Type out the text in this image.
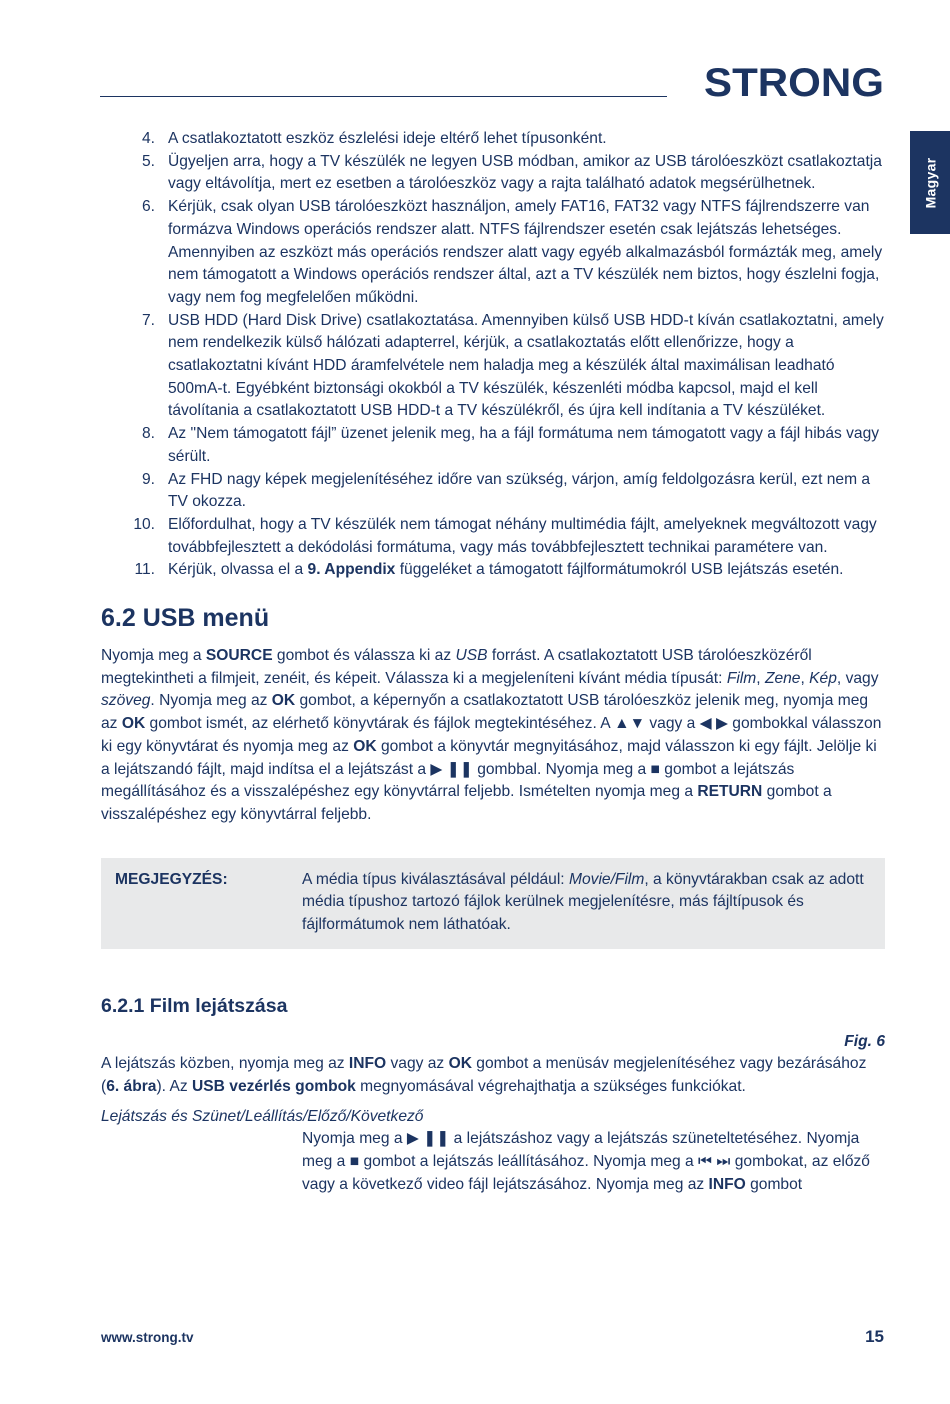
STRONG
Magyar
4. A csatlakoztatott eszköz észlelési ideje eltérő lehet típusonként.
5. Ügyeljen arra, hogy a TV készülék ne legyen USB módban, amikor az USB tárolóeszközt csatlakoztatja vagy eltávolítja, mert ez esetben a tárolóeszköz vagy a rajta található adatok megsérülhetnek.
6. Kérjük, csak olyan USB tárolóeszközt használjon, amely FAT16, FAT32 vagy NTFS fájlrendszerre van formázva Windows operációs rendszer alatt. NTFS fájlrendszer esetén csak lejátszás lehetséges. Amennyiben az eszközt más operációs rendszer alatt vagy egyéb alkalmazásból formázták meg, amely nem támogatott a Windows operációs rendszer által, azt a TV készülék nem biztos, hogy észlelni fogja, vagy nem fog megfelelően működni.
7. USB HDD (Hard Disk Drive) csatlakoztatása. Amennyiben külső USB HDD-t kíván csatlakoztatni, amely nem rendelkezik külső hálózati adapterrel, kérjük, a csatlakoztatás előtt ellenőrizze, hogy a csatlakoztatni kívánt HDD áramfelvétele nem haladja meg a készülék által maximálisan leadható 500mA-t. Egyébként biztonsági okokból a TV készülék, készenléti módba kapcsol, majd el kell távolítania a csatlakoztatott USB HDD-t a TV készülékről, és újra kell indítania a TV készüléket.
8. Az "Nem támogatott fájl” üzenet jelenik meg, ha a fájl formátuma nem támogatott vagy a fájl hibás vagy sérült.
9. Az FHD nagy képek megjelenítéséhez időre van szükség, várjon, amíg feldolgozásra kerül, ezt nem a TV okozza.
10. Előfordulhat, hogy a TV készülék nem támogat néhány multimédia fájlt, amelyeknek megváltozott vagy továbbfejlesztett a dekódolási formátuma, vagy más továbbfejlesztett technikai paramétere van.
11. Kérjük, olvassa el a 9. Appendix függeléket a támogatott fájlformátumokról USB lejátszás esetén.
6.2 USB menü

Nyomja meg a SOURCE gombot és válassza ki az USB forrást. A csatlakoztatott USB tárolóeszközéről megtekintheti a filmjeit, zenéit, és képeit. Válassza ki a megjeleníteni kívánt média típusát: Film, Zene, Kép, vagy szöveg. Nyomja meg az OK gombot, a képernyőn a csatlakoztatott USB tárolóeszköz jelenik meg, nyomja meg az OK gombot ismét, az elérhető könyvtárak és fájlok megtekintéséhez. A ▲▼ vagy a ◀ ▶ gombokkal válasszon ki egy könyvtárat és nyomja meg az OK gombot a könyvtár megnyitásához, majd válasszon ki egy fájlt. Jelölje ki a lejátszandó fájlt, majd indítsa el a lejátszást a ▶ ❚❚ gombbal. Nyomja meg a ■ gombot a lejátszás megállításához és a visszalépéshez egy könyvtárral feljebb. Ismételten nyomja meg a RETURN gombot a visszalépéshez egy könyvtárral feljebb.

MEGJEGYZÉS:	A média típus kiválasztásával például: Movie/Film, a könyvtárakban csak az adott média típushoz tartozó fájlok kerülnek megjelenítésre, más fájltípusok és fájlformátumok nem láthatóak.
6.2.1 Film lejátszása
Fig. 6

A lejátszás közben, nyomja meg az INFO vagy az OK gombot a menüsáv megjelenítéséhez vagy bezárásához (6. ábra). Az USB vezérlés gombok megnyomásával végrehajthatja a szükséges funkciókat.

Lejátszás és Szünet/Leállítás/Előző/Következő

Nyomja meg a ▶ ❚❚ a lejátszáshoz vagy a lejátszás szüneteltetéséhez. Nyomja meg a ■ gombot a lejátszás leállításához. Nyomja meg a ⏮ ⏭ gombokat, az előző vagy a következő video fájl lejátszásához. Nyomja meg az INFO gombot

www.strong.tv	15
